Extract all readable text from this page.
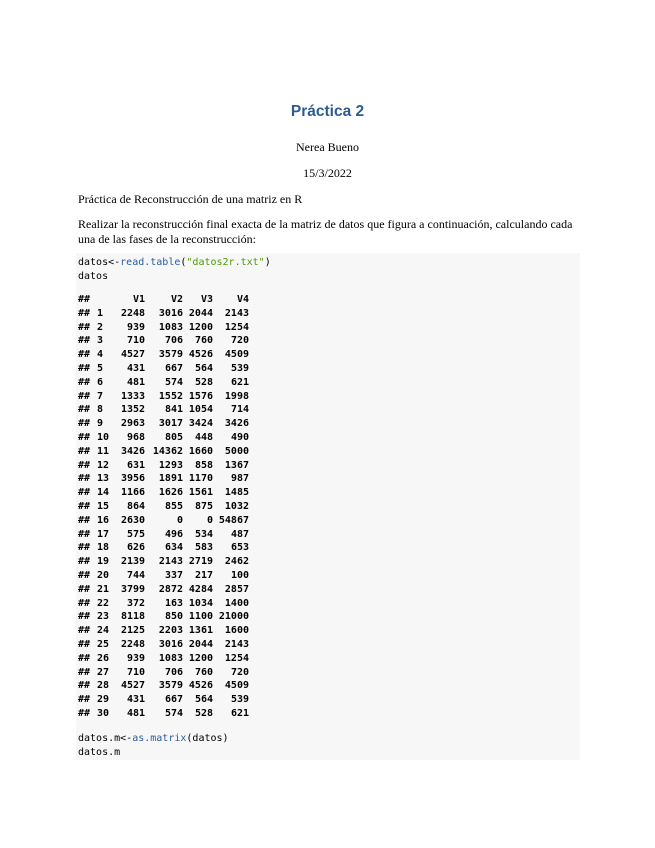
Práctica 2
Nerea Bueno
15/3/2022
Práctica de Reconstrucción de una matriz en R
Realizar la reconstrucción final exacta de la matriz de datos que figura a continuación, calculando cada una de las fases de la reconstrucción:
datos<-read.table("datos2r.txt")
datos
##	V1	V2	V3	V4
## 1	2248	3016 2044	2143
## 2	939	1083 1200	1254
## 3	710	706	760	720
## 4	4527	3579 4526	4509
## 5	431	667	564	539
## 6	481	574	528	621
## 7	1333	1552 1576	1998
## 8	1352	841 1054	714
## 9	2963	3017 3424	3426
## 10	968	805	448	490
## 11	3426 14362 1660	5000
## 12	631	1293	858	1367
## 13	3956	1891 1170	987
## 14	1166	1626 1561	1485
## 15	864	855	875	1032
## 16	2630	0	0 54867
## 17	575	496	534	487
## 18	626	634	583	653
## 19	2139	2143 2719	2462
## 20	744	337	217	100
## 21	3799	2872 4284	2857
## 22	372	163 1034	1400
## 23	8118	850 1100 21000
## 24	2125	2203 1361	1600
## 25	2248	3016 2044	2143
## 26	939	1083 1200	1254
## 27	710	706	760	720
## 28	4527	3579 4526	4509
## 29	431	667	564	539
## 30	481	574	528	621
datos.m<-as.matrix(datos)
datos.m
